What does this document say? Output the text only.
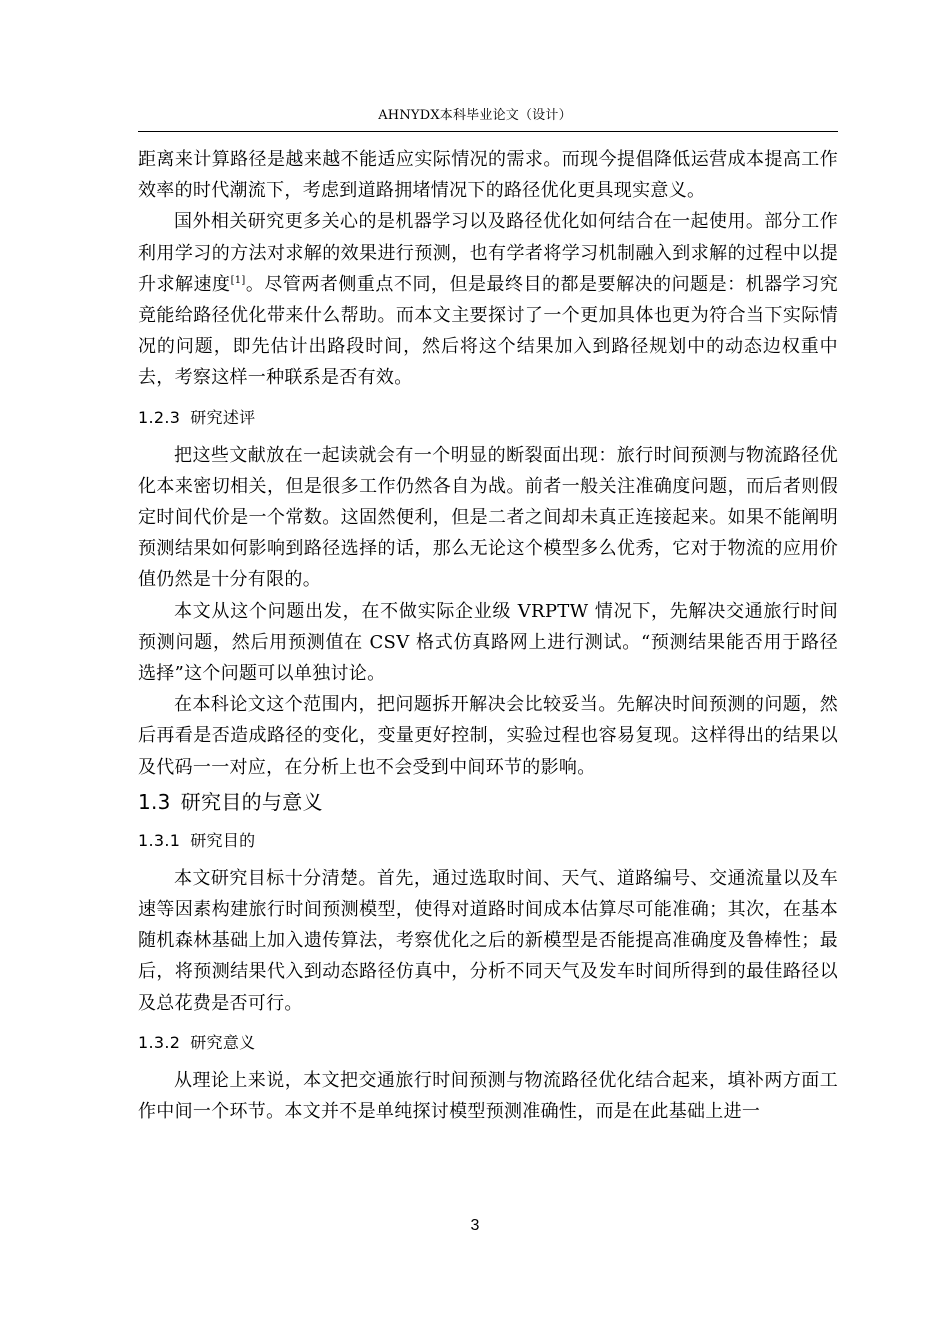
AHNYDX本科毕业论文（设计）

距离来计算路径是越来越不能适应实际情况的需求。而现今提倡降低运营成本提高工作效率的时代潮流下，考虑到道路拥堵情况下的路径优化更具现实意义。

国外相关研究更多关心的是机器学习以及路径优化如何结合在一起使用。部分工作利用学习的方法对求解的效果进行预测，也有学者将学习机制融入到求解的过程中以提升求解速度[1]。尽管两者侧重点不同，但是最终目的都是要解决的问题是：机器学习究竟能给路径优化带来什么帮助。而本文主要探讨了一个更加具体也更为符合当下实际情况的问题，即先估计出路段时间，然后将这个结果加入到路径规划中的动态边权重中去，考察这样一种联系是否有效。

1.2.3 研究述评

把这些文献放在一起读就会有一个明显的断裂面出现：旅行时间预测与物流路径优化本来密切相关，但是很多工作仍然各自为战。前者一般关注准确度问题，而后者则假定时间代价是一个常数。这固然便利，但是二者之间却未真正连接起来。如果不能阐明预测结果如何影响到路径选择的话，那么无论这个模型多么优秀，它对于物流的应用价值仍然是十分有限的。

本文从这个问题出发，在不做实际企业级 VRPTW 情况下，先解决交通旅行时间预测问题，然后用预测值在 CSV 格式仿真路网上进行测试。“预测结果能否用于路径选择”这个问题可以单独讨论。

在本科论文这个范围内，把问题拆开解决会比较妥当。先解决时间预测的问题，然后再看是否造成路径的变化，变量更好控制，实验过程也容易复现。这样得出的结果以及代码一一对应，在分析上也不会受到中间环节的影响。

1.3 研究目的与意义
1.3.1 研究目的

本文研究目标十分清楚。首先，通过选取时间、天气、道路编号、交通流量以及车速等因素构建旅行时间预测模型，使得对道路时间成本估算尽可能准确；其次，在基本随机森林基础上加入遗传算法，考察优化之后的新模型是否能提高准确度及鲁棒性；最后，将预测结果代入到动态路径仿真中，分析不同天气及发车时间所得到的最佳路径以及总花费是否可行。

1.3.2 研究意义

从理论上来说，本文把交通旅行时间预测与物流路径优化结合起来，填补两方面工作中间一个环节。本文并不是单纯探讨模型预测准确性，而是在此基础上进一

3
